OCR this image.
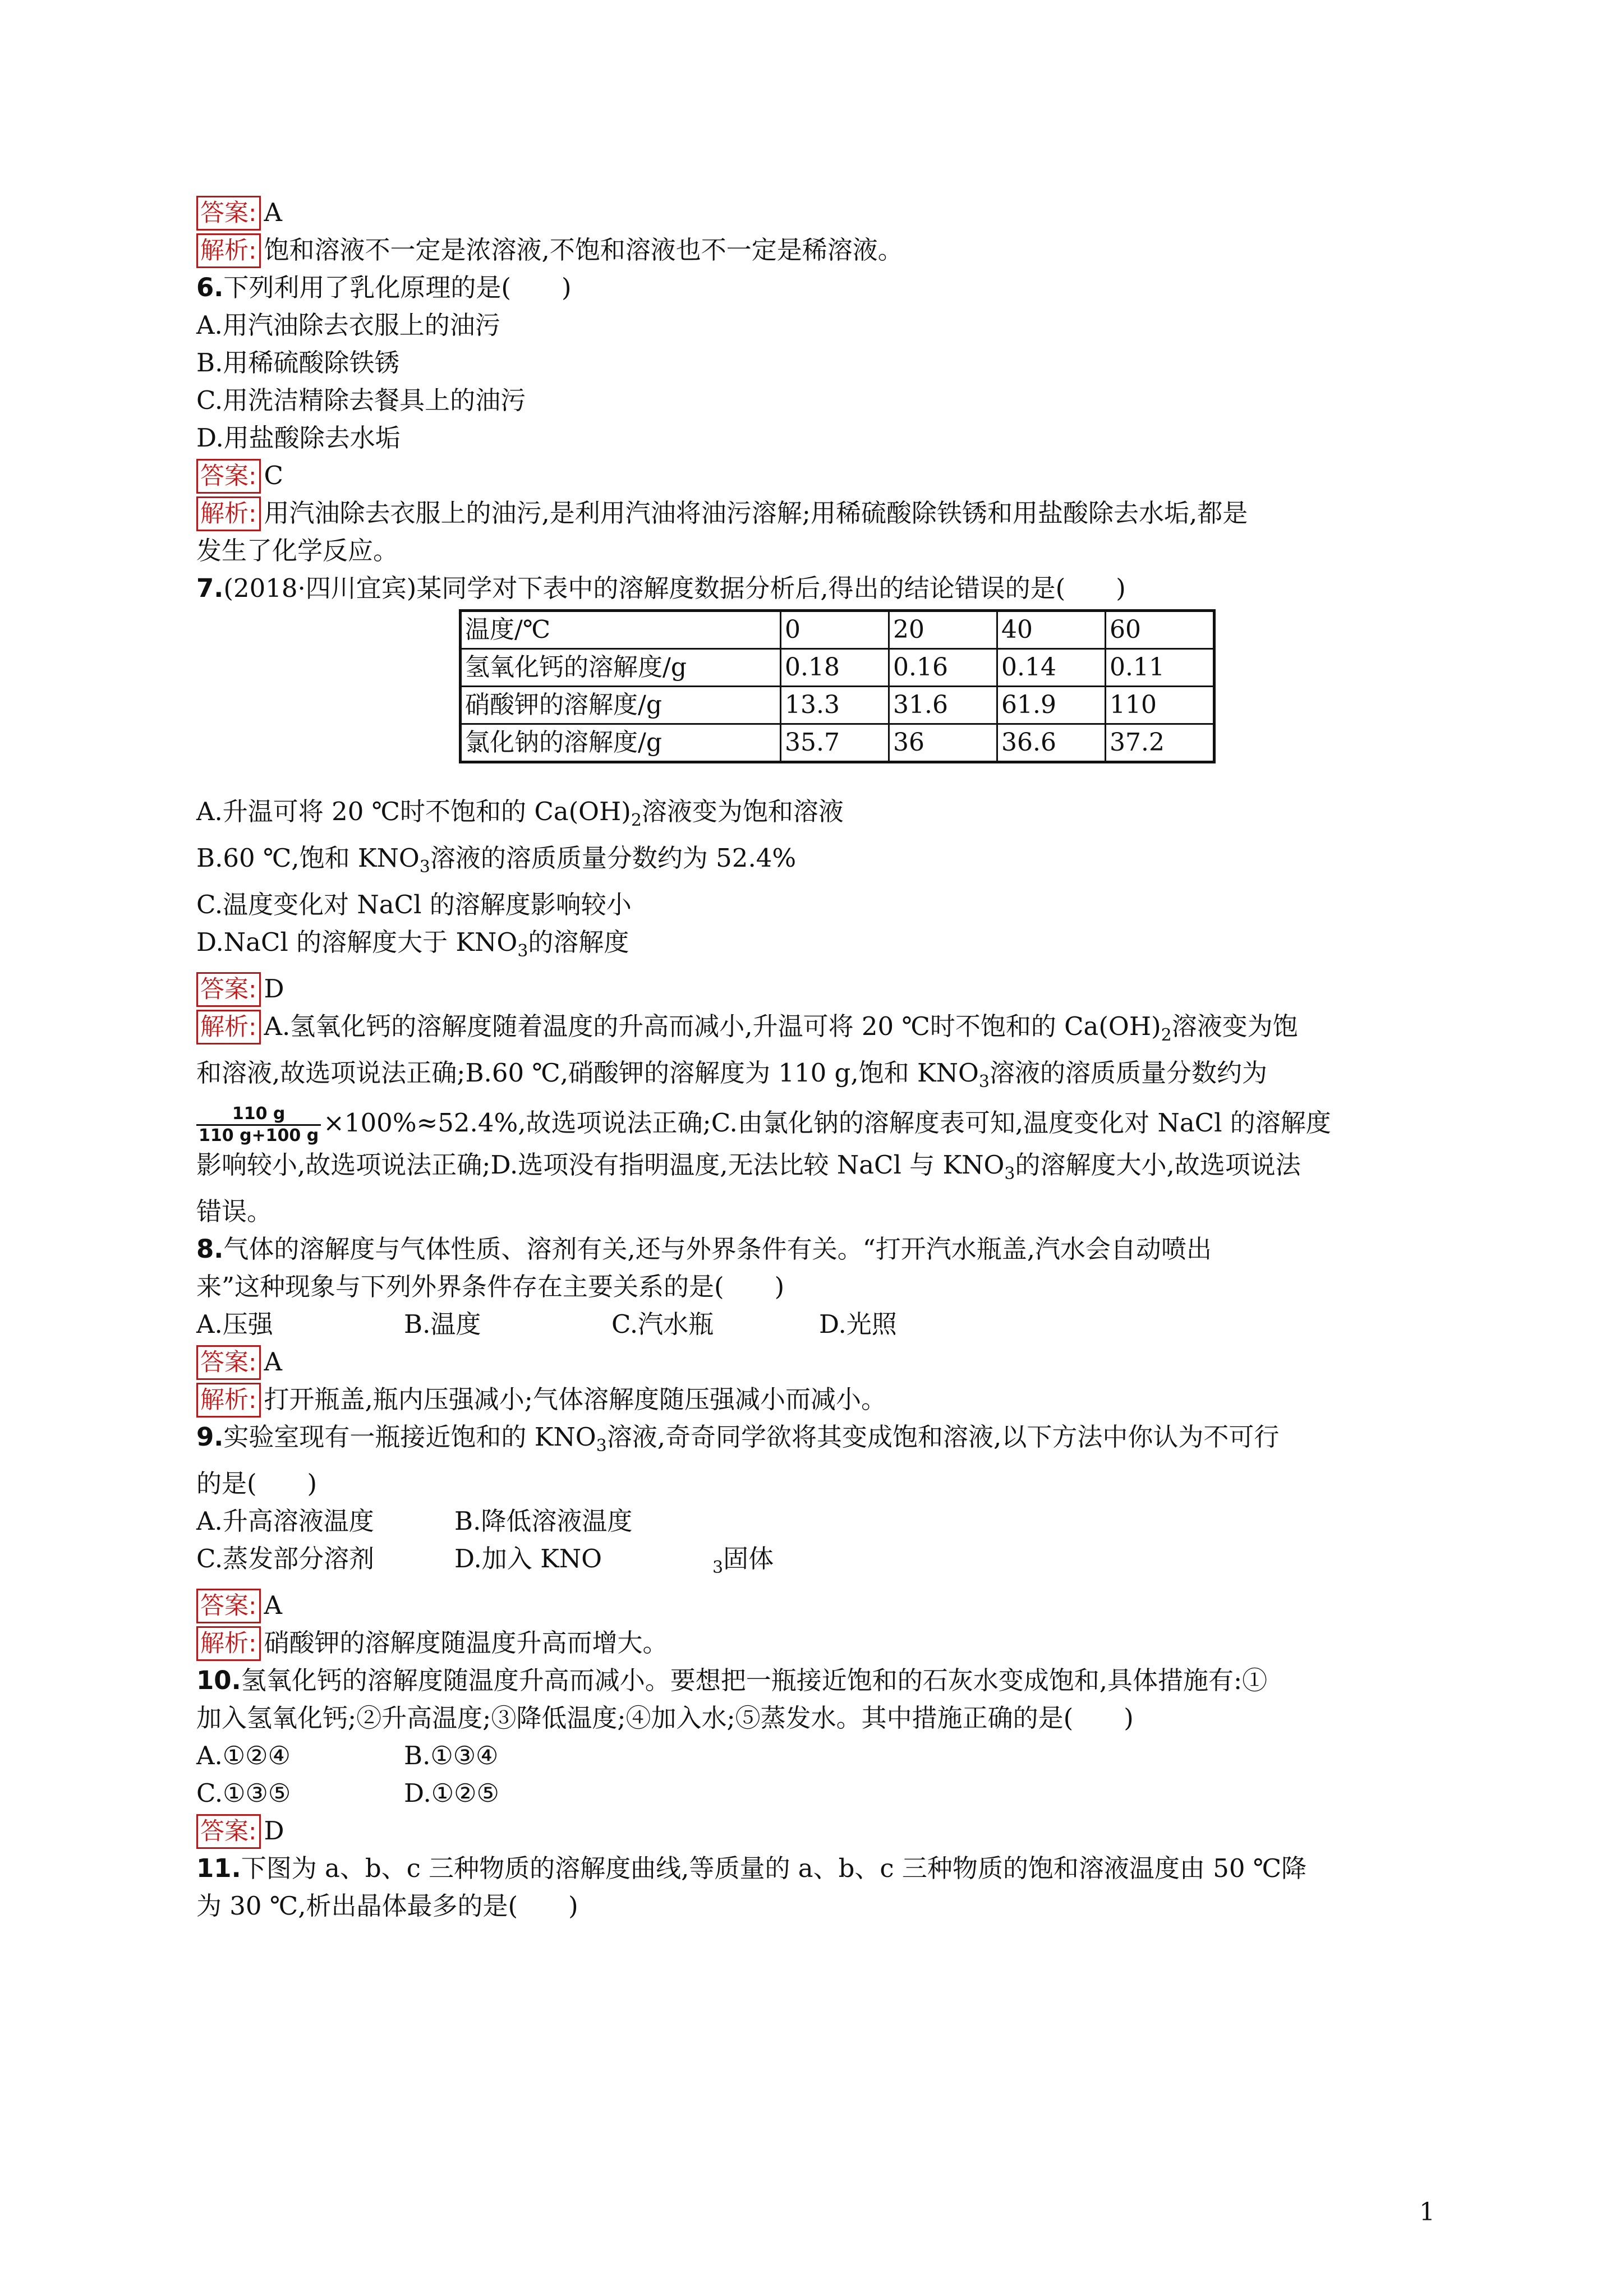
答案: A
解析: 饱和溶液不一定是浓溶液,不饱和溶液也不一定是稀溶液。
6.下列利用了乳化原理的是(　　)
A.用汽油除去衣服上的油污
B.用稀硫酸除铁锈
C.用洗洁精除去餐具上的油污
D.用盐酸除去水垢
答案: C
解析: 用汽油除去衣服上的油污,是利用汽油将油污溶解;用稀硫酸除铁锈和用盐酸除去水垢,都是
发生了化学反应。
7.(2018·四川宜宾)某同学对下表中的溶解度数据分析后,得出的结论错误的是(　　)
温度/℃	0	20	40	60
氢氧化钙的溶解度/g	0.18	0.16	0.14	0.11
硝酸钾的溶解度/g	13.3	31.6	61.9	110
氯化钠的溶解度/g	35.7	36	36.6	37.2
A.升温可将 20 ℃时不饱和的 $Ca(OH)_2$溶液变为饱和溶液
B.60 ℃,饱和 $KNO_3$溶液的溶质质量分数约为 52.4%
C.温度变化对 NaCl 的溶解度影响较小
D.NaCl 的溶解度大于 $KNO_3$的溶解度
答案: D
解析: A.氢氧化钙的溶解度随着温度的升高而减小,升温可将 20 ℃时不饱和的 $Ca(OH)_2$溶液变为饱
和溶液,故选项说法正确;B.60 ℃,硝酸钾的溶解度为 110 g,饱和 $KNO_3$溶液的溶质质量分数约为
$\frac{110 g}{110 g+100 g} \times 100\%\approx 52.4\%$,故选项说法正确;C.由氯化钠的溶解度表可知,温度变化对 NaCl 的溶解度
影响较小,故选项说法正确;D.选项没有指明温度,无法比较 NaCl 与 $KNO_3$的溶解度大小,故选项说法
错误。
8.气体的溶解度与气体性质、溶剂有关,还与外界条件有关。“打开汽水瓶盖,汽水会自动喷出
来”这种现象与下列外界条件存在主要关系的是(　　)
A.压强	B.温度	C.汽水瓶	D.光照
答案: A
解析: 打开瓶盖,瓶内压强减小;气体溶解度随压强减小而减小。
9.实验室现有一瓶接近饱和的 $KNO_3$溶液,奇奇同学欲将其变成饱和溶液,以下方法中你认为不可行
的是(　　)
A.升高溶液温度	B.降低溶液温度
C.蒸发部分溶剂	D.加入 KNO	$_3$固体
答案: A
解析: 硝酸钾的溶解度随温度升高而增大。
10.氢氧化钙的溶解度随温度升高而减小。要想把一瓶接近饱和的石灰水变成饱和,具体措施有:①
加入氢氧化钙;②升高温度;③降低温度;④加入水;⑤蒸发水。其中措施正确的是(　　)
A.①②④	B.①③④
C.①③⑤	D.①②⑤
答案: D
11.下图为 a、b、c 三种物质的溶解度曲线,等质量的 a、b、c 三种物质的饱和溶液温度由 50 ℃降
为 30 ℃,析出晶体最多的是(　　)
1
